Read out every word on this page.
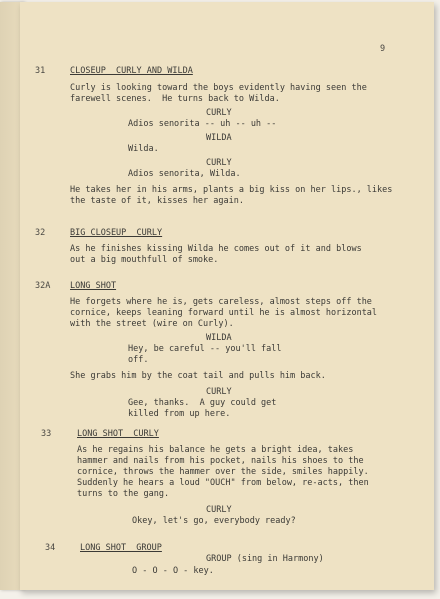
9
31	CLOSEUP  CURLY AND WILDA
Curly is looking toward the boys evidently having seen the
farewell scenes.  He turns back to Wilda.
CURLY
Adios senorita -- uh -- uh --
WILDA
Wilda.
CURLY
Adios senorita, Wilda.
He takes her in his arms, plants a big kiss on her lips., likes
the taste of it, kisses her again.
32	BIG CLOSEUP  CURLY
As he finishes kissing Wilda he comes out of it and blows
out a big mouthfull of smoke.
32A LONG SHOT
He forgets where he is, gets careless, almost steps off the
cornice, keeps leaning forward until he is almost horizontal
with the street (wire on Curly).
WILDA
Hey, be careful -- you'll fall
off.
She grabs him by the coat tail and pulls him back.
CURLY
Gee, thanks.  A guy could get
killed from up here.
33	LONG SHOT  CURLY
As he regains his balance he gets a bright idea, takes
hammer and nails from his pocket, nails his shoes to the
cornice, throws the hammer over the side, smiles happily.
Suddenly he hears a loud "OUCH" from below, re-acts, then
turns to the gang.
CURLY
Okey, let's go, everybody ready?
34	LONG SHOT  GROUP
GROUP (sing in Harmony)
O - O - O - key.
